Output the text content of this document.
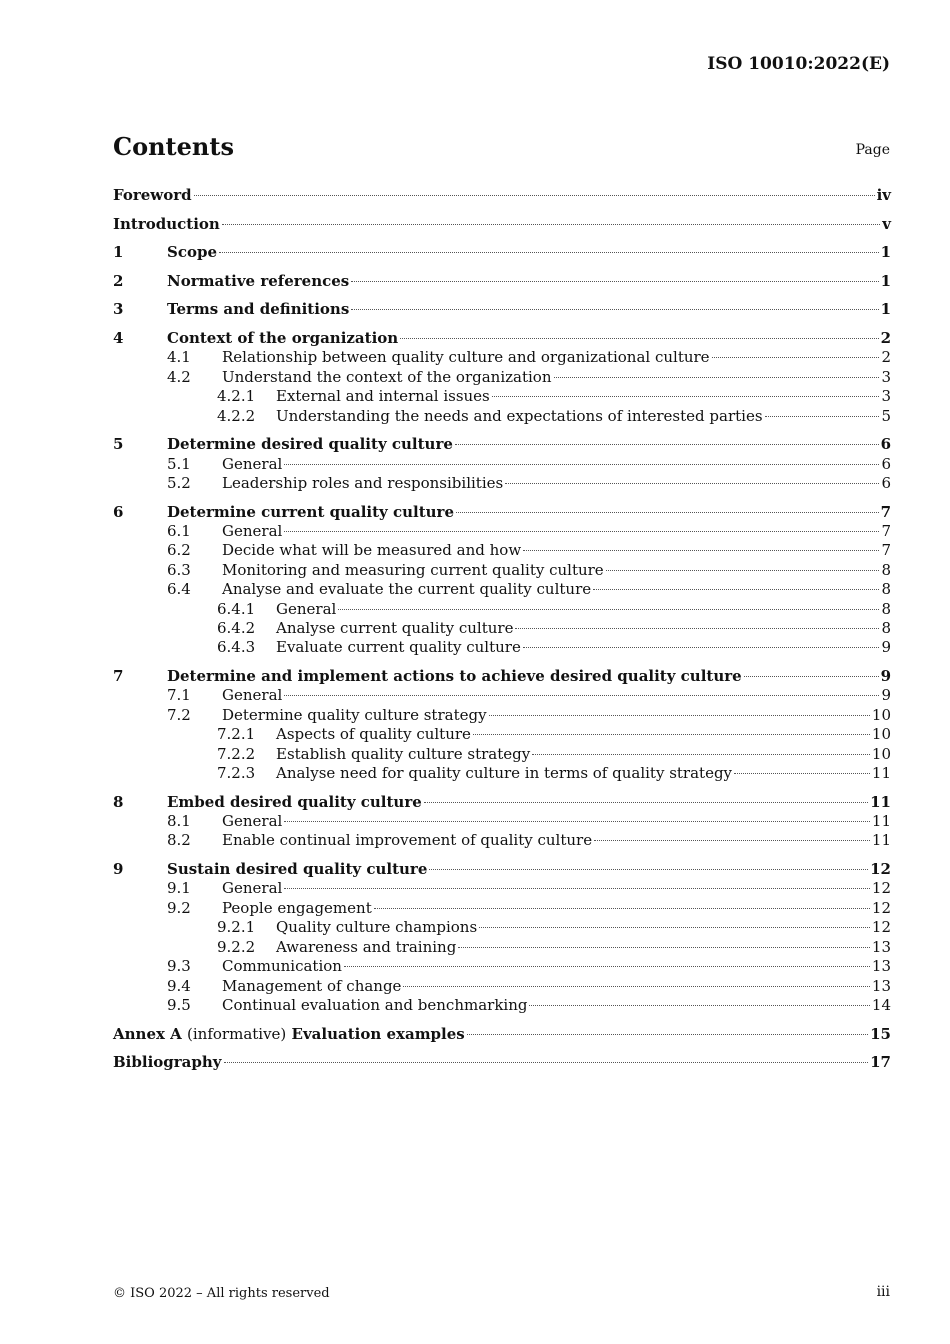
ISO 10010:2022(E)
Contents	Page
Foreword	iv
Introduction	v
1	Scope	1
2	Normative references	1
3	Terms and definitions	1
4	Context of the organization	2
4.1	Relationship between quality culture and organizational culture	2
4.2	Understand the context of the organization	3
4.2.1	External and internal issues	3
4.2.2	Understanding the needs and expectations of interested parties	5
5	Determine desired quality culture	6
5.1	General	6
5.2	Leadership roles and responsibilities	6
6	Determine current quality culture	7
6.1	General	7
6.2	Decide what will be measured and how	7
6.3	Monitoring and measuring current quality culture	8
6.4	Analyse and evaluate the current quality culture	8
6.4.1	General	8
6.4.2	Analyse current quality culture	8
6.4.3	Evaluate current quality culture	9
7	Determine and implement actions to achieve desired quality culture	9
7.1	General	9
7.2	Determine quality culture strategy	10
7.2.1	Aspects of quality culture	10
7.2.2	Establish quality culture strategy	10
7.2.3	Analyse need for quality culture in terms of quality strategy	11
8	Embed desired quality culture	11
8.1	General	11
8.2	Enable continual improvement of quality culture	11
9	Sustain desired quality culture	12
9.1	General	12
9.2	People engagement	12
9.2.1	Quality culture champions	12
9.2.2	Awareness and training	13
9.3	Communication	13
9.4	Management of change	13
9.5	Continual evaluation and benchmarking	14
Annex A (informative) Evaluation examples	15
Bibliography	17
© ISO 2022 – All rights reserved	iii
